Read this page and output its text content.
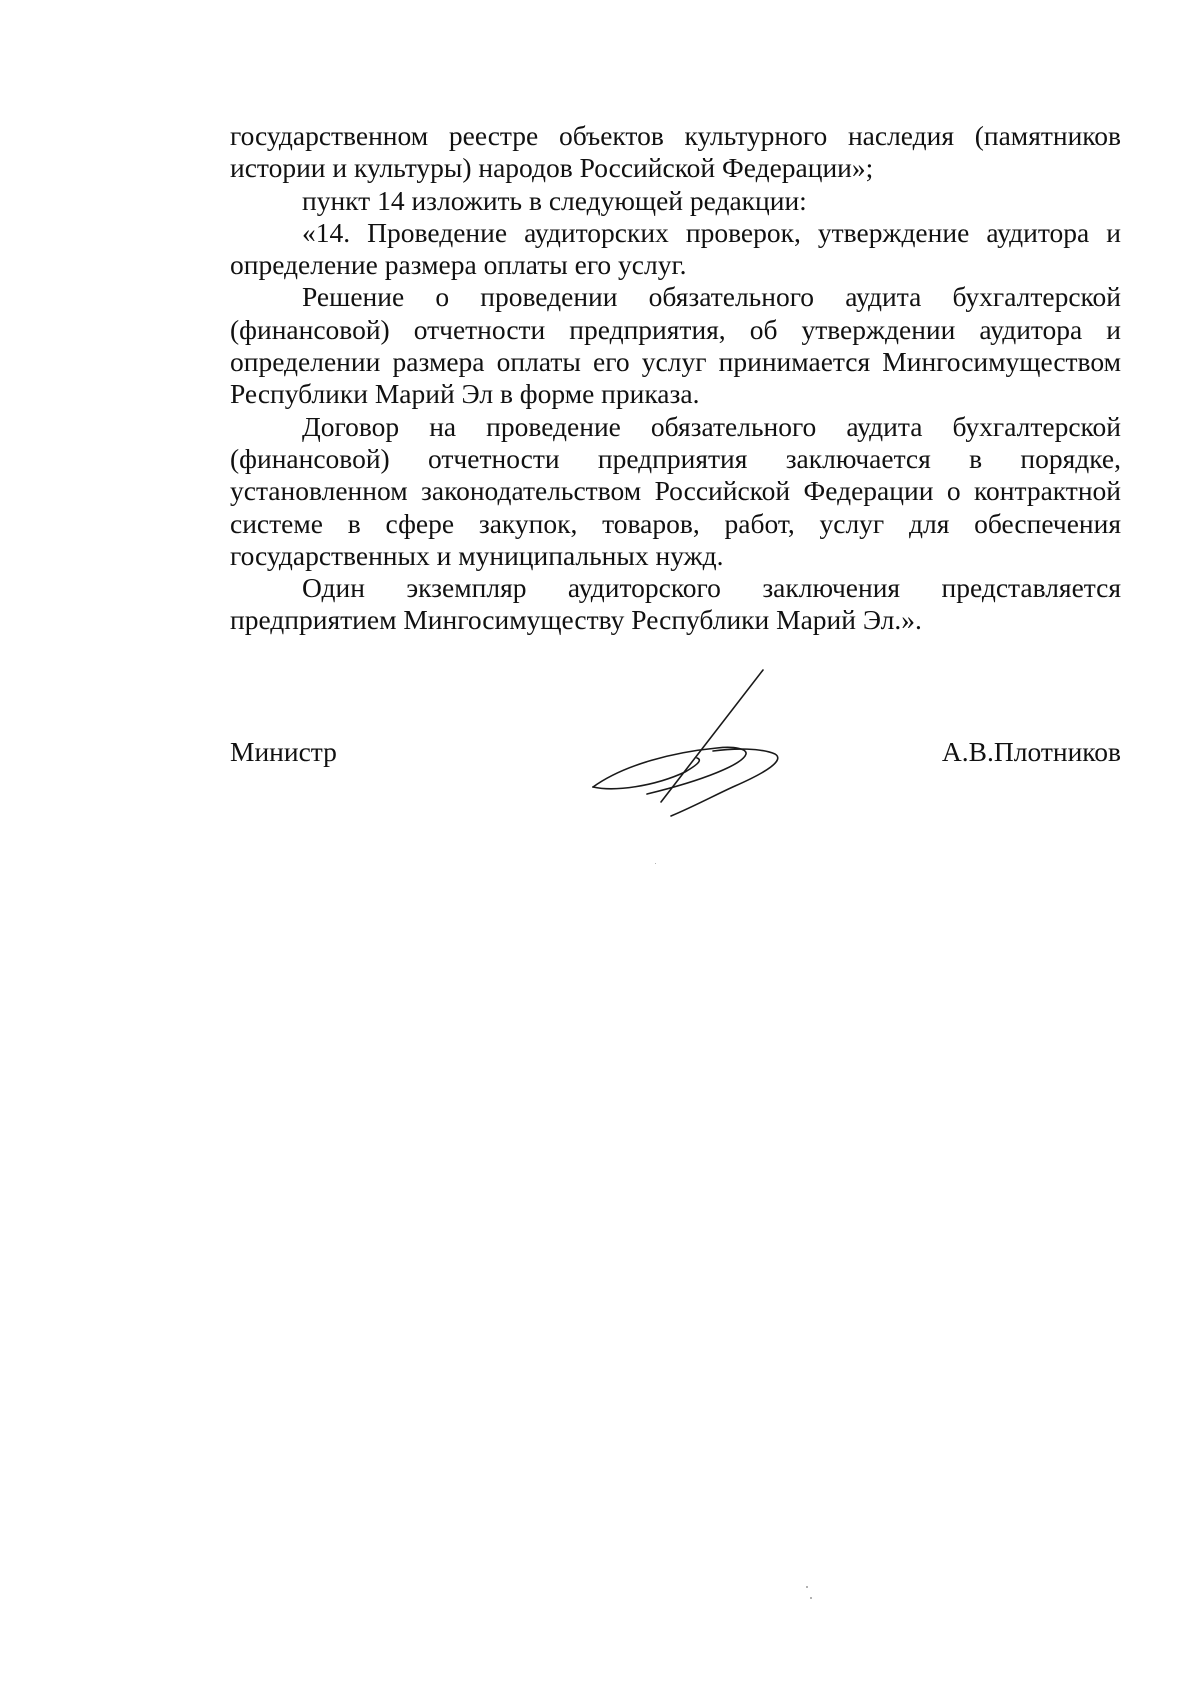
государственном реестре объектов культурного наследия (памятников истории и культуры) народов Российской Федерации»;

пункт 14 изложить в следующей редакции:

«14. Проведение аудиторских проверок, утверждение аудитора и определение размера оплаты его услуг.

Решение о проведении обязательного аудита бухгалтерской (финансовой) отчетности предприятия, об утверждении аудитора и определении размера оплаты его услуг принимается Мингосимуществом Республики Марий Эл в форме приказа.

Договор на проведение обязательного аудита бухгалтерской (финансовой) отчетности предприятия заключается в порядке, установленном законодательством Российской Федерации о контрактной системе в сфере закупок, товаров, работ, услуг для обеспечения государственных и муниципальных нужд.

Один экземпляр аудиторского заключения представляется предприятием Мингосимуществу Республики Марий Эл.».

Министр	А.В.Плотников
